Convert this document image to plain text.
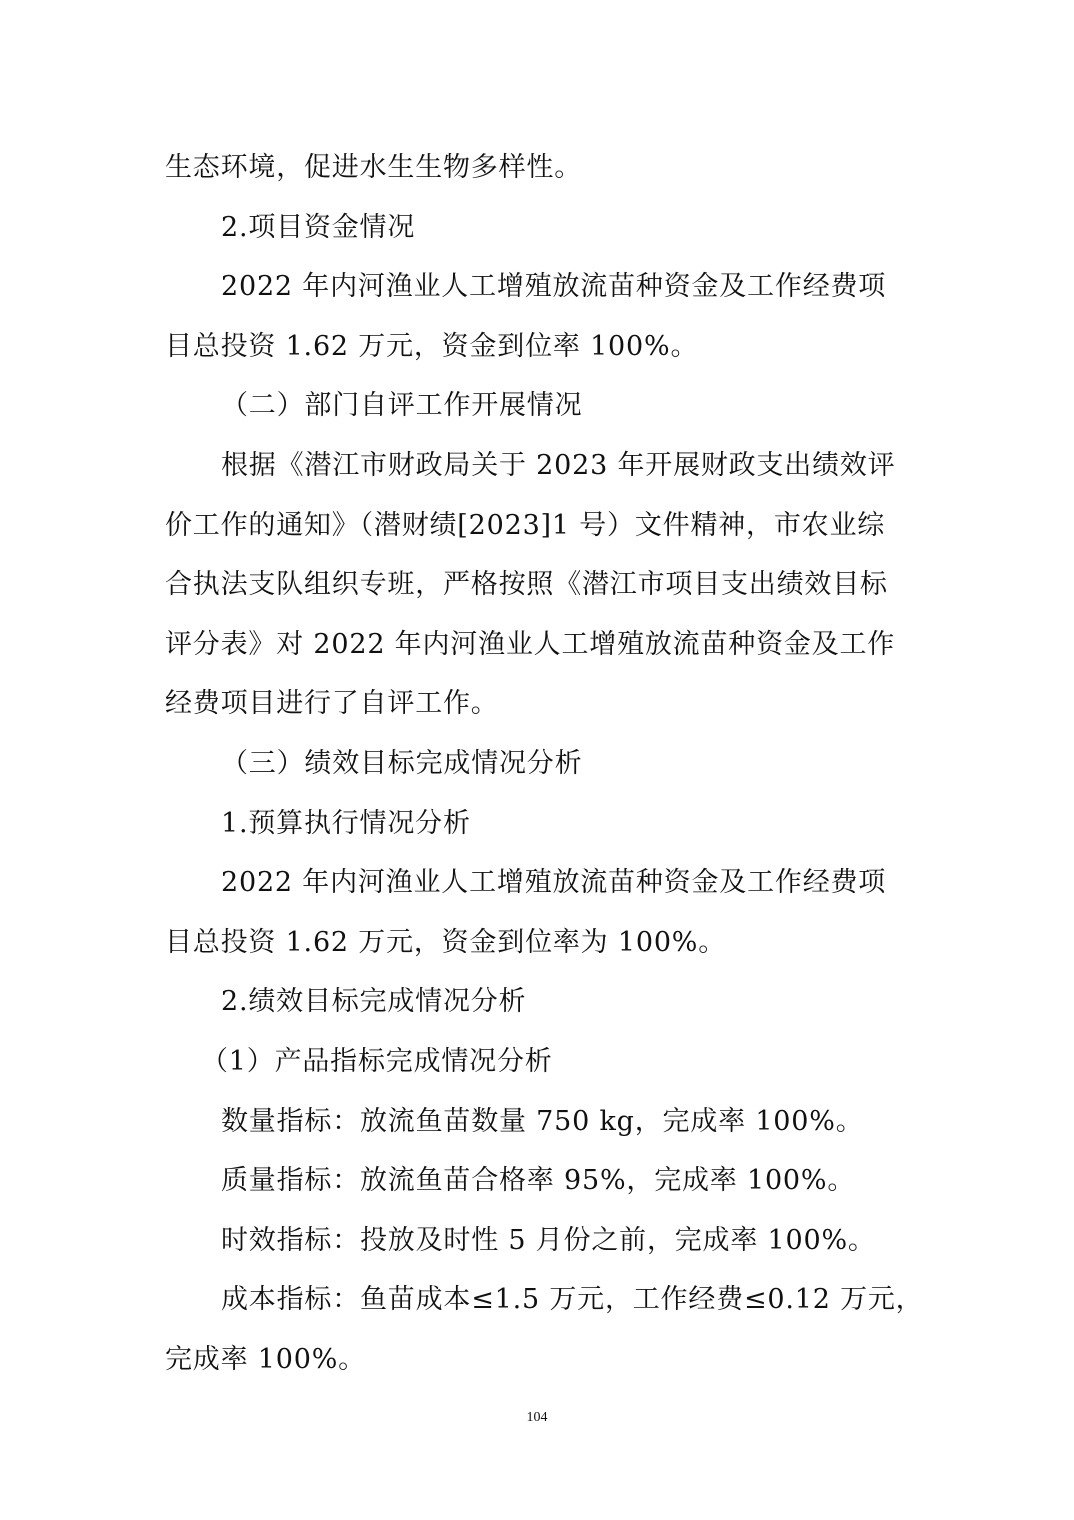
生态环境，促进水生生物多样性。
2.项目资金情况
2022 年内河渔业人工增殖放流苗种资金及工作经费项
目总投资 1.62 万元，资金到位率 100%。
（二）部门自评工作开展情况
根据《潜江市财政局关于 2023 年开展财政支出绩效评
价工作的通知》（潜财绩[2023]1 号）文件精神，市农业综
合执法支队组织专班，严格按照《潜江市项目支出绩效目标
评分表》对 2022 年内河渔业人工增殖放流苗种资金及工作
经费项目进行了自评工作。
（三）绩效目标完成情况分析
1.预算执行情况分析
2022 年内河渔业人工增殖放流苗种资金及工作经费项
目总投资 1.62 万元，资金到位率为 100%。
2.绩效目标完成情况分析
（1）产品指标完成情况分析
数量指标：放流鱼苗数量 750 kg，完成率 100%。
质量指标：放流鱼苗合格率 95%，完成率 100%。
时效指标：投放及时性 5 月份之前，完成率 100%。
成本指标：鱼苗成本≤1.5 万元，工作经费≤0.12 万元，
完成率 100%。
104
